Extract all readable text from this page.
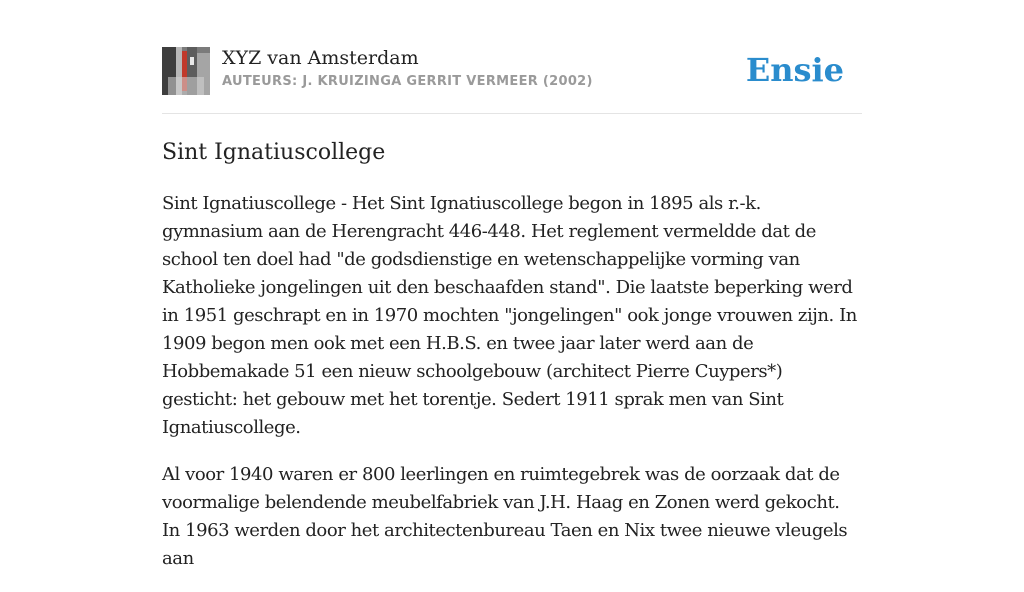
XYZ van Amsterdam
AUTEURS: J. KRUIZINGA GERRIT VERMEER (2002)	Ensie
Sint Ignatiuscollege

Sint Ignatiuscollege - Het Sint Ignatiuscollege begon in 1895 als r.-k. gymnasium aan de Herengracht 446-448. Het reglement vermeldde dat de school ten doel had "de godsdienstige en wetenschappelijke vorming van Katholieke jongelingen uit den beschaafden stand". Die laatste beperking werd in 1951 geschrapt en in 1970 mochten "jongelingen" ook jonge vrouwen zijn. In 1909 begon men ook met een H.B.S. en twee jaar later werd aan de Hobbemakade 51 een nieuw schoolgebouw (architect Pierre Cuypers*) gesticht: het gebouw met het torentje. Sedert 1911 sprak men van Sint Ignatiuscollege.

Al voor 1940 waren er 800 leerlingen en ruimtegebrek was de oorzaak dat de voormalige belendende meubelfabriek van J.H. Haag en Zonen werd gekocht. In 1963 werden door het architectenbureau Taen en Nix twee nieuwe vleugels aan
